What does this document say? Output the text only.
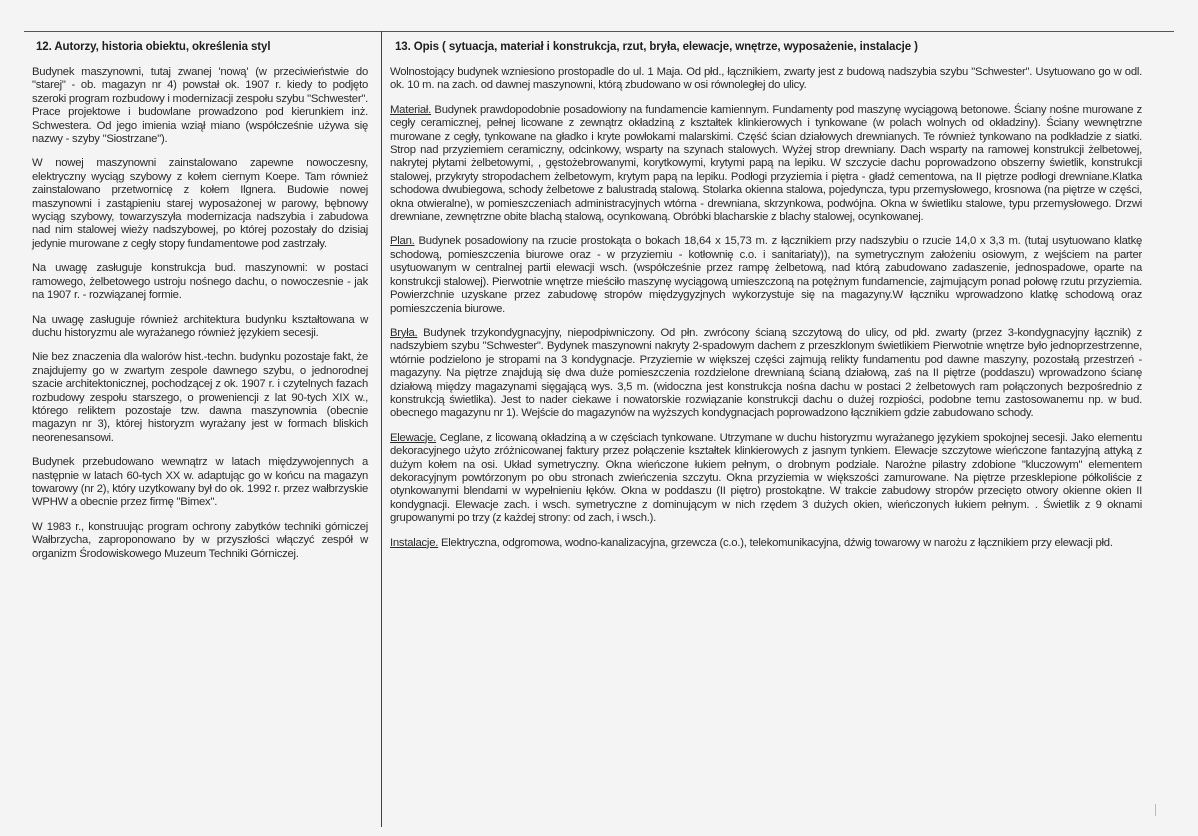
12. Autorzy, historia obiektu, określenia styl

Budynek maszynowni, tutaj zwanej 'nową' (w przeciwieństwie do "starej" - ob. magazyn nr 4) powstał ok. 1907 r. kiedy to podjęto szeroki program rozbudowy i modernizacji zespołu szybu "Schwester". Prace projektowe i budowlane prowadzono pod kierunkiem inż. Schwestera. Od jego imienia wziął miano (współcześnie używa się nazwy - szyby "Siostrzane").

W nowej maszynowni zainstalowano zapewne nowoczesny, elektryczny wyciąg szybowy z kołem ciernym Koepe. Tam również zainstalowano przetwornicę z kołem Ilgnera. Budowie nowej maszynowni i zastąpieniu starej wyposażonej w parowy, bębnowy wyciąg szybowy, towarzyszyła modernizacja nadszybia i zabudowa nad nim stalowej wieży nadszybowej, po której pozostały do dzisiaj jedynie murowane z cegły stopy fundamentowe pod zastrzały.

Na uwagę zasługuje konstrukcja bud. maszynowni: w postaci ramowego, żelbetowego ustroju nośnego dachu, o nowoczesnie - jak na 1907 r. - rozwiązanej formie.

Na uwagę zasługuje również architektura budynku kształtowana w duchu historyzmu ale wyrażanego również językiem secesji.

Nie bez znaczenia dla walorów hist.-techn. budynku pozostaje fakt, że znajdujemy go w zwartym zespole dawnego szybu, o jednorodnej szacie architektonicznej, pochodzącej z ok. 1907 r. i czytelnych fazach rozbudowy zespołu starszego, o proweniencji z lat 90-tych XIX w., którego reliktem pozostaje tzw. dawna maszynownia (obecnie magazyn nr 3), której historyzm wyrażany jest w formach bliskich neorenesansowi.

Budynek przebudowano wewnątrz w latach międzywojennych a następnie w latach 60-tych XX w. adaptując go w końcu na magazyn towarowy (nr 2), który uzytkowany był do ok. 1992 r. przez wałbrzyskie WPHW a obecnie przez firmę "Bimex".

W 1983 r., konstruując program ochrony zabytków techniki górniczej Wałbrzycha, zaproponowano by w przyszłości włączyć zespół w organizm Środowiskowego Muzeum Techniki Górniczej.

13. Opis ( sytuacja, materiał i konstrukcja, rzut, bryła, elewacje, wnętrze, wyposażenie, instalacje )

Wolnostojący budynek wzniesiono prostopadle do ul. 1 Maja. Od płd., łącznikiem, zwarty jest z budową nadszybia szybu "Schwester". Usytuowano go w odl. ok. 10 m. na zach. od dawnej maszynowni, którą zbudowano w osi równoległej do ulicy.

Materiał. Budynek prawdopodobnie posadowiony na fundamencie kamiennym. Fundamenty pod maszynę wyciągową betonowe. Ściany nośne murowane z cegły ceramicznej, pełnej licowane z zewnątrz okładziną z kształtek klinkierowych i tynkowane (w polach wolnych od okładziny). Ściany wewnętrzne murowane z cegły, tynkowane na gładko i kryte powłokami malarskimi. Część ścian działowych drewnianych. Te również tynkowano na podkładzie z siatki. Strop nad przyziemiem ceramiczny, odcinkowy, wsparty na szynach stalowych. Wyżej strop drewniany. Dach wsparty na ramowej konstrukcji żelbetowej, nakrytej płytami żelbetowymi, , gęstożebrowanymi, korytkowymi, krytymi papą na lepiku. W szczycie dachu poprowadzono obszerny świetlik, konstrukcji stalowej, przykryty stropodachem żelbetowym, krytym papą na lepiku. Podłogi przyziemia i piętra - gładź cementowa, na II piętrze podłogi drewniane.Klatka schodowa dwubiegowa, schody żelbetowe z balustradą stalową. Stolarka okienna stalowa, pojedyncza, typu przemysłowego, krosnowa (na piętrze w części, okna otwieralne), w pomieszczeniach administracyjnych wtórna - drewniana, skrzynkowa, podwójna. Okna w świetliku stalowe, typu przemysłowego. Drzwi drewniane, zewnętrzne obite blachą stalową, ocynkowaną. Obróbki blacharskie z blachy stalowej, ocynkowanej.

Plan. Budynek posadowiony na rzucie prostokąta o bokach 18,64 x 15,73 m. z łącznikiem przy nadszybiu o rzucie 14,0 x 3,3 m. (tutaj usytuowano klatkę schodową, pomieszczenia biurowe oraz - w przyziemiu - kotłownię c.o. i sanitariaty)), na symetrycznym założeniu osiowym, z wejściem na parter usytuowanym w centralnej partii elewacji wsch. (współcześnie przez rampę żelbetową, nad którą zabudowano zadaszenie, jednospadowe, oparte na konstrukcji stalowej). Pierwotnie wnętrze mieściło maszynę wyciągową umieszczoną na potężnym fundamencie, zajmującym ponad połowę rzutu przyziemia. Powierzchnie uzyskane przez zabudowę stropów międzygyzjnych wykorzystuje się na magazyny.W łączniku wprowadzono klatkę schodową oraz pomieszczenia biurowe.

Bryła. Budynek trzykondygnacyjny, niepodpiwniczony. Od płn. zwrócony ścianą szczytową do ulicy, od płd. zwarty (przez 3-kondygnacyjny łącznik) z nadszybiem szybu "Schwester". Bydynek maszynowni nakryty 2-spadowym dachem z przeszklonym świetlikiem Pierwotnie wnętrze było jednoprzestrzenne, wtórnie podzielono je stropami na 3 kondygnacje. Przyziemie w większej części zajmują relikty fundamentu pod dawne maszyny, pozostałą przestrzeń - magazyny. Na piętrze znajdują się dwa duże pomieszczenia rozdzielone drewnianą ścianą działową, zaś na II piętrze (poddaszu) wprowadzono ścianę działową między magazynami sięgającą wys. 3,5 m. (widoczna jest konstrukcja nośna dachu w postaci 2 żelbetowych ram połączonych bezpośrednio z konstrukcją świetlika). Jest to nader ciekawe i nowatorskie rozwiązanie konstrukcji dachu o dużej rozpiości, podobne temu zastosowanemu np. w bud. obecnego magazynu nr 1). Wejście do magazynów na wyższych kondygnacjach poprowadzono łącznikiem gdzie zabudowano schody.

Elewacje. Ceglane, z licowaną okładziną a w częściach tynkowane. Utrzymane w duchu historyzmu wyrażanego językiem spokojnej secesji. Jako elementu dekoracyjnego użyto zróżnicowanej faktury przez połączenie kształtek klinkierowych z jasnym tynkiem. Elewacje szczytowe wieńczone fantazyjną attyką z dużym kołem na osi. Układ symetryczny. Okna wieńczone łukiem pełnym, o drobnym podziale. Narożne pilastry zdobione "kluczowym" elementem dekoracyjnym powtórzonym po obu stronach zwieńczenia szczytu. Okna przyziemia w większości zamurowane. Na piętrze przesklepione półkoliście z otynkowanymi blendami w wypełnieniu łęków. Okna w poddaszu (II piętro) prostokątne. W trakcie zabudowy stropów przecięto otwory okienne okien II kondygnacji. Elewacje zach. i wsch. symetryczne z dominującym w nich rzędem 3 dużych okien, wieńczonych łukiem pełnym. . Świetlik z 9 oknami grupowanymi po trzy (z każdej strony: od zach, i wsch.).

Instalacje. Elektryczna, odgromowa, wodno-kanalizacyjna, grzewcza (c.o.), telekomunikacyjna, dźwig towarowy w narożu z łącznikiem przy elewacji płd.
